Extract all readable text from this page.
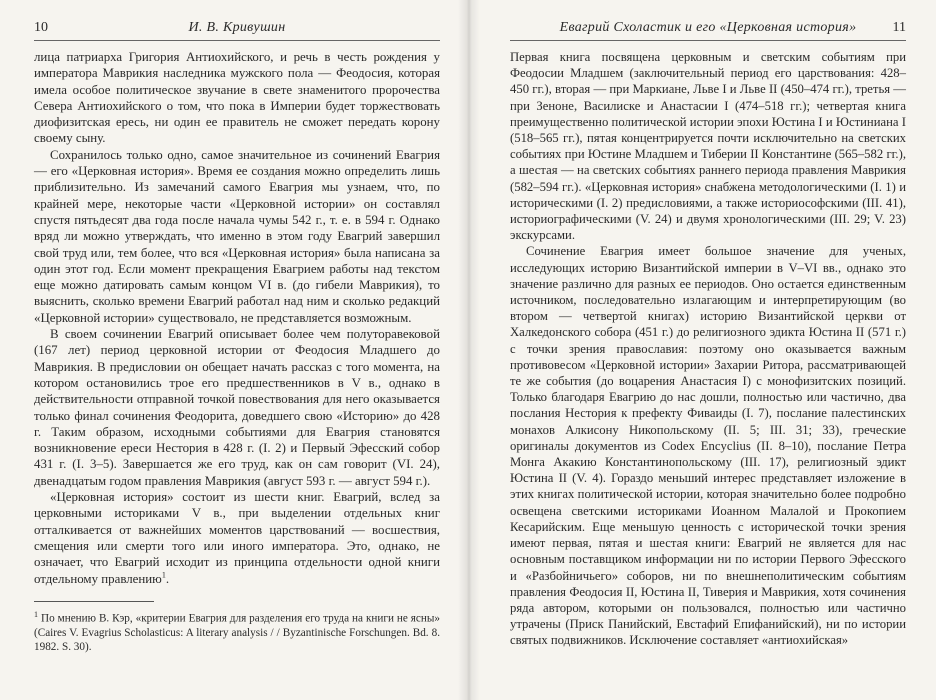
10	И. В. Кривушин

лица патриарха Григория Антиохийского, и речь в честь рождения у императора Маврикия наследника мужского пола — Феодосия, которая имела особое политическое звучание в свете знаменитого пророчества Севера Антиохийского о том, что пока в Империи будет торжествовать диофизитская ересь, ни один ее правитель не сможет передать корону своему сыну.

Сохранилось только одно, самое значительное из сочинений Евагрия — его «Церковная история». Время ее создания можно определить лишь приблизительно. Из замечаний самого Евагрия мы узнаем, что, по крайней мере, некоторые части «Церковной истории» он составлял спустя пятьдесят два года после начала чумы 542 г., т. е. в 594 г. Однако вряд ли можно утверждать, что именно в этом году Евагрий завершил свой труд или, тем более, что вся «Церковная история» была написана за один этот год. Если момент прекращения Евагрием работы над текстом еще можно датировать самым концом VI в. (до гибели Маврикия), то выяснить, сколько времени Евагрий работал над ним и сколько редакций «Церковной истории» существовало, не представляется возможным.

В своем сочинении Евагрий описывает более чем полуторавековой (167 лет) период церковной истории от Феодосия Младшего до Маврикия. В предисловии он обещает начать рассказ с того момента, на котором остановились трое его предшественников в V в., однако в действительности отправной точкой повествования для него оказывается только финал сочинения Феодорита, доведшего свою «Историю» до 428 г. Таким образом, исходными событиями для Евагрия становятся возникновение ереси Нестория в 428 г. (I. 2) и Первый Эфесский собор 431 г. (I. 3–5). Завершается же его труд, как он сам говорит (VI. 24), двенадцатым годом правления Маврикия (август 593 г. — август 594 г.).

«Церковная история» состоит из шести книг. Евагрий, вслед за церковными историками V в., при выделении отдельных книг отталкивается от важнейших моментов царствований — восшествия, смещения или смерти того или иного императора. Это, однако, не означает, что Евагрий исходит из принципа отдельности одной книги отдельному правлению$^1$.

$^1$ По мнению В. Кэр, «критерии Евагрия для разделения его труда на книги не ясны» (Caires V. Evagrius Scholasticus: A literary analysis / / Byzantinische Forschungen. Bd. 8. 1982. S. 30).

Евагрий Схоластик и его «Церковная история»	11

Первая книга посвящена церковным и светским событиям при Феодосии Младшем (заключительный период его царствования: 428–450 гг.), вторая — при Маркиане, Льве I и Льве II (450–474 гг.), третья — при Зеноне, Василиске и Анастасии I (474–518 гг.); четвертая книга преимущественно политической истории эпохи Юстина I и Юстиниана I (518–565 гг.), пятая концентрируется почти исключительно на светских событиях при Юстине Младшем и Тиберии II Константине (565–582 гг.), а шестая — на светских событиях раннего периода правления Маврикия (582–594 гг.). «Церковная история» снабжена методологическими (I. 1) и историческими (I. 2) предисловиями, а также историософскими (III. 41), историографическими (V. 24) и двумя хронологическими (III. 29; V. 23) экскурсами.

Сочинение Евагрия имеет большое значение для ученых, исследующих историю Византийской империи в V–VI вв., однако это значение различно для разных ее периодов. Оно остается единственным источником, последовательно излагающим и интерпретирующим (во втором — четвертой книгах) историю Византийской церкви от Халкедонского собора (451 г.) до религиозного эдикта Юстина II (571 г.) с точки зрения православия: поэтому оно оказывается важным противовесом «Церковной истории» Захарии Ритора, рассматривающей те же события (до воцарения Анастасия I) с монофизитских позиций. Только благодаря Евагрию до нас дошли, полностью или частично, два послания Нестория к префекту Фиваиды (I. 7), послание палестинских монахов Алкисону Никопольскому (II. 5; III. 31; 33), греческие оригиналы документов из Codex Encyclius (II. 8–10), послание Петра Монга Акакию Константинопольскому (III. 17), религиозный эдикт Юстина II (V. 4). Гораздо меньший интерес представляет изложение в этих книгах политической истории, которая значительно более подробно освещена светскими историками Иоанном Малалой и Прокопием Кесарийским. Еще меньшую ценность с исторической точки зрения имеют первая, пятая и шестая книги: Евагрий не является для нас основным поставщиком информации ни по истории Первого Эфесского и «Разбойничьего» соборов, ни по внешнеполитическим событиям правления Феодосия II, Юстина II, Тиверия и Маврикия, хотя сочинения ряда автором, которыми он пользовался, полностью или частично утрачены (Приск Панийский, Евстафий Епифанийский), ни по истории святых подвижников. Исключение составляет «антиохийская»
